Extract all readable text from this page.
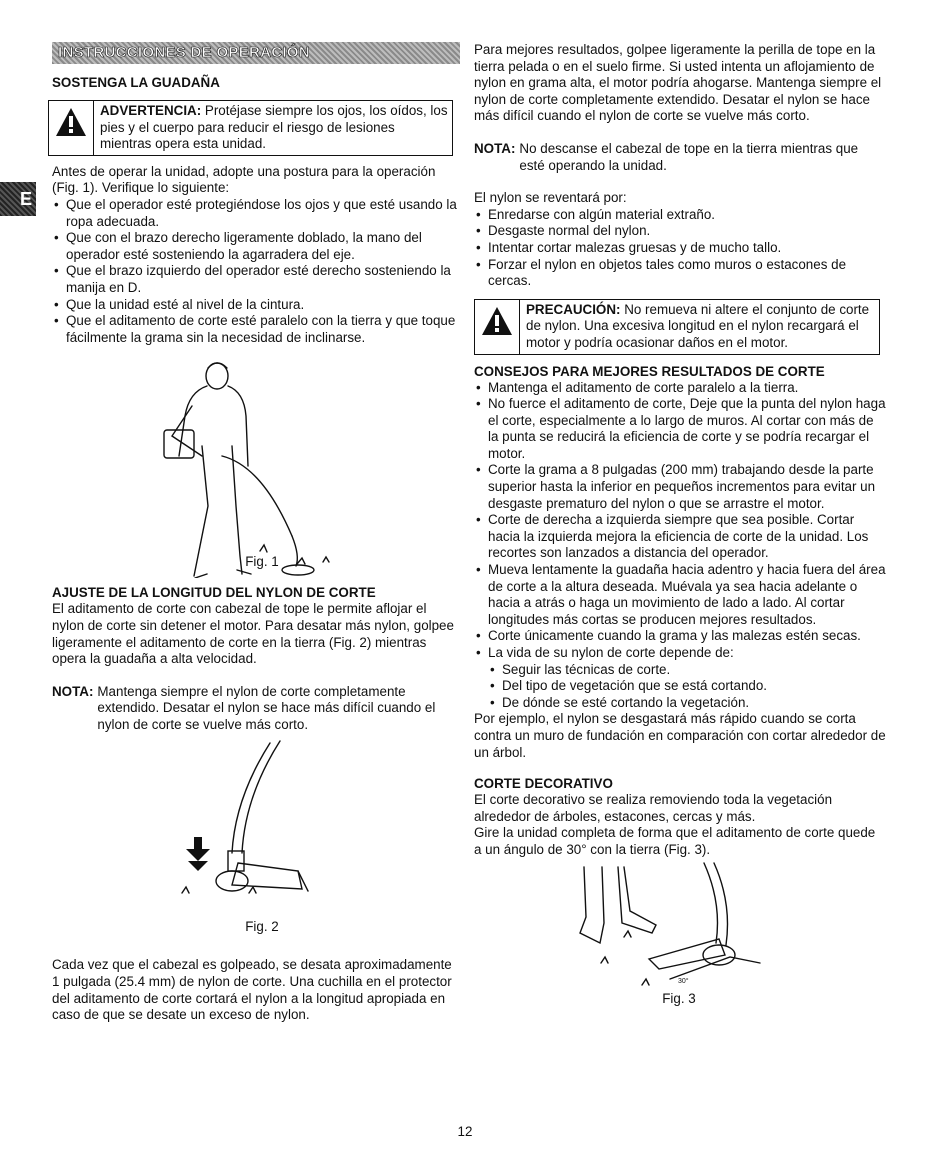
E
INSTRUCCIONES DE OPERACIÓN
SOSTENGA LA GUADAÑA
ADVERTENCIA: Protéjase siempre los ojos, los oídos, los pies y el cuerpo para reducir el riesgo de lesiones mientras opera esta unidad.

Antes de operar la unidad, adopte una postura para la operación (Fig. 1). Verifique lo siguiente:

• Que el operador esté protegiéndose los ojos y que esté usando la ropa adecuada.
• Que con el brazo derecho ligeramente doblado, la mano del operador esté sosteniendo la agarradera del eje.
• Que el brazo izquierdo del operador esté derecho sosteniendo la manija en D.
• Que la unidad esté al nivel de la cintura.
• Que el aditamento de corte esté paralelo con la tierra y que toque fácilmente la grama sin la necesidad de inclinarse.
Fig. 1
AJUSTE DE LA LONGITUD DEL NYLON DE CORTE

El aditamento de corte con cabezal de tope le permite aflojar el nylon de corte sin detener el motor. Para desatar más nylon, golpee ligeramente el aditamento de corte en la tierra (Fig. 2) mientras opera la guadaña a alta velocidad.

NOTA: Mantenga siempre el nylon de corte completamente extendido. Desatar el nylon se hace más difícil cuando el nylon de corte se vuelve más corto.
Fig. 2

Cada vez que el cabezal es golpeado, se desata aproximadamente 1 pulgada (25.4 mm) de nylon de corte. Una cuchilla en el protector del aditamento de corte cortará el nylon a la longitud apropiada en caso de que se desate un exceso de nylon.

Para mejores resultados, golpee ligeramente la perilla de tope en la tierra pelada o en el suelo firme. Si usted intenta un aflojamiento de nylon en grama alta, el motor podría ahogarse. Mantenga siempre el nylon de corte completamente extendido. Desatar el nylon se hace más difícil cuando el nylon de corte se vuelve más corto.

NOTA: No descanse el cabezal de tope en la tierra mientras que esté operando la unidad.

El nylon se reventará por:

• Enredarse con algún material extraño.
• Desgaste normal del nylon.
• Intentar cortar malezas gruesas y de mucho tallo.
• Forzar el nylon en objetos tales como muros o estacones de cercas.
PRECAUCIÓN: No remueva ni altere el conjunto de corte de nylon. Una excesiva longitud en el nylon recargará el motor y podría ocasionar daños en el motor.
CONSEJOS PARA MEJORES RESULTADOS DE CORTE
• Mantenga el aditamento de corte paralelo a la tierra.
• No fuerce el aditamento de corte, Deje que la punta del nylon haga el corte, especialmente a lo largo de muros. Al cortar con más de la punta se reducirá la eficiencia de corte y se podría recargar el motor.
• Corte la grama a 8 pulgadas (200 mm) trabajando desde la parte superior hasta la inferior en pequeños incrementos para evitar un desgaste prematuro del nylon o que se arrastre el motor.
• Corte de derecha a izquierda siempre que sea posible. Cortar hacia la izquierda mejora la eficiencia de corte de la unidad. Los recortes son lanzados a distancia del operador.
• Mueva lentamente la guadaña hacia adentro y hacia fuera del área de corte a la altura deseada. Muévala ya sea hacia adelante o hacia a atrás o haga un movimiento de lado a lado. Al cortar longitudes más cortas se producen mejores resultados.
• Corte únicamente cuando la grama y las malezas estén secas.
• La vida de su nylon de corte depende de:
• Seguir las técnicas de corte.
• Del tipo de vegetación que se está cortando.
• De dónde se esté cortando la vegetación.

Por ejemplo, el nylon se desgastará más rápido cuando se corta contra un muro de fundación en comparación con cortar alrededor de un árbol.

CORTE DECORATIVO

El corte decorativo se realiza removiendo toda la vegetación alrededor de árboles, estacones, cercas y más.

Gire la unidad completa de forma que el aditamento de corte quede a un ángulo de 30° con la tierra (Fig. 3).

30°
Fig. 3
12
